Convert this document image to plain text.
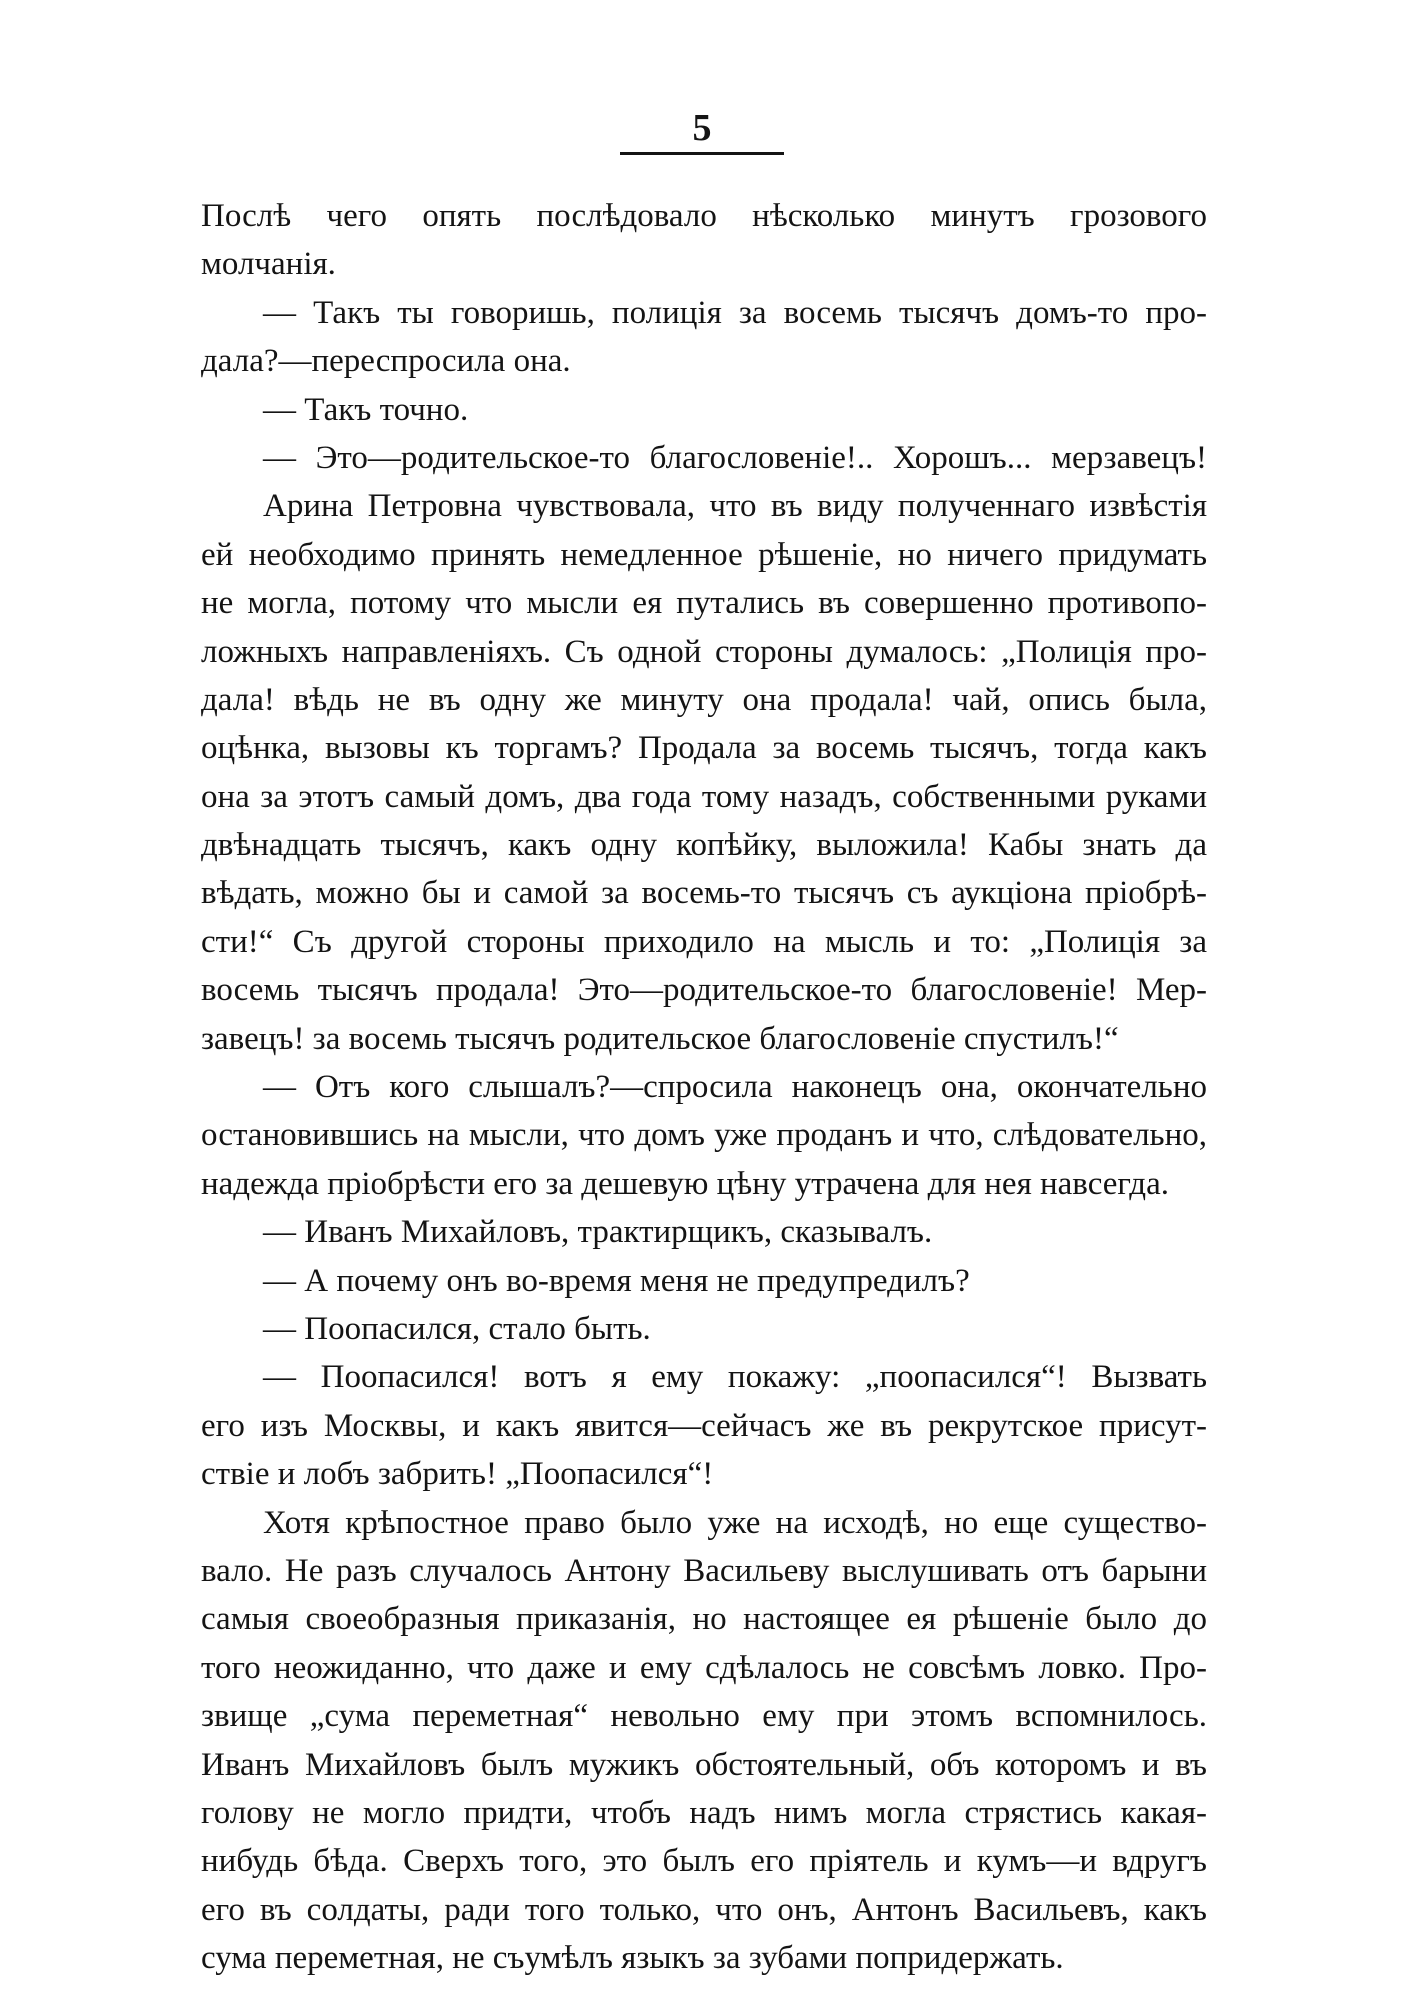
5
Послѣ чего опять послѣдовало нѣсколько минутъ грозового
молчанія.
— Такъ ты говоришь, полиція за восемь тысячъ домъ-то про-
дала?—переспросила она.
— Такъ точно.
— Это—родительское-то благословеніе!.. Хорошъ... мерзавецъ!
Арина Петровна чувствовала, что въ виду полученнаго извѣстія
ей необходимо принять немедленное рѣшеніе, но ничего придумать
не могла, потому что мысли ея путались въ совершенно противопо-
ложныхъ направленіяхъ. Съ одной стороны думалось: „Полиція про-
дала! вѣдь не въ одну же минуту она продала! чай, опись была,
оцѣнка, вызовы къ торгамъ? Продала за восемь тысячъ, тогда какъ
она за этотъ самый домъ, два года тому назадъ, собственными руками
двѣнадцать тысячъ, какъ одну копѣйку, выложила! Кабы знать да
вѣдать, можно бы и самой за восемь-то тысячъ съ аукціона пріобрѣ-
сти!“ Съ другой стороны приходило на мысль и то: „Полиція за
восемь тысячъ продала! Это—родительское-то благословеніе! Мер-
завецъ! за восемь тысячъ родительское благословеніе спустилъ!“
— Отъ кого слышалъ?—спросила наконецъ она, окончательно
остановившись на мысли, что домъ уже проданъ и что, слѣдовательно,
надежда пріобрѣсти его за дешевую цѣну утрачена для нея навсегда.
— Иванъ Михайловъ, трактирщикъ, сказывалъ.
— А почему онъ во-время меня не предупредилъ?
— Поопасился, стало быть.
— Поопасился! вотъ я ему покажу: „поопасился“! Вызвать
его изъ Москвы, и какъ явится—сейчасъ же въ рекрутское присут-
ствіе и лобъ забрить! „Поопасился“!
Хотя крѣпостное право было уже на исходѣ, но еще существо-
вало. Не разъ случалось Антону Васильеву выслушивать отъ барыни
самыя своеобразныя приказанія, но настоящее ея рѣшеніе было до
того неожиданно, что даже и ему сдѣлалось не совсѣмъ ловко. Про-
звище „сума переметная“ невольно ему при этомъ вспомнилось.
Иванъ Михайловъ былъ мужикъ обстоятельный, объ которомъ и въ
голову не могло придти, чтобъ надъ нимъ могла стрястись какая-
нибудь бѣда. Сверхъ того, это былъ его пріятель и кумъ—и вдругъ
его въ солдаты, ради того только, что онъ, Антонъ Васильевъ, какъ
сума переметная, не съумѣлъ языкъ за зубами попридержать.
